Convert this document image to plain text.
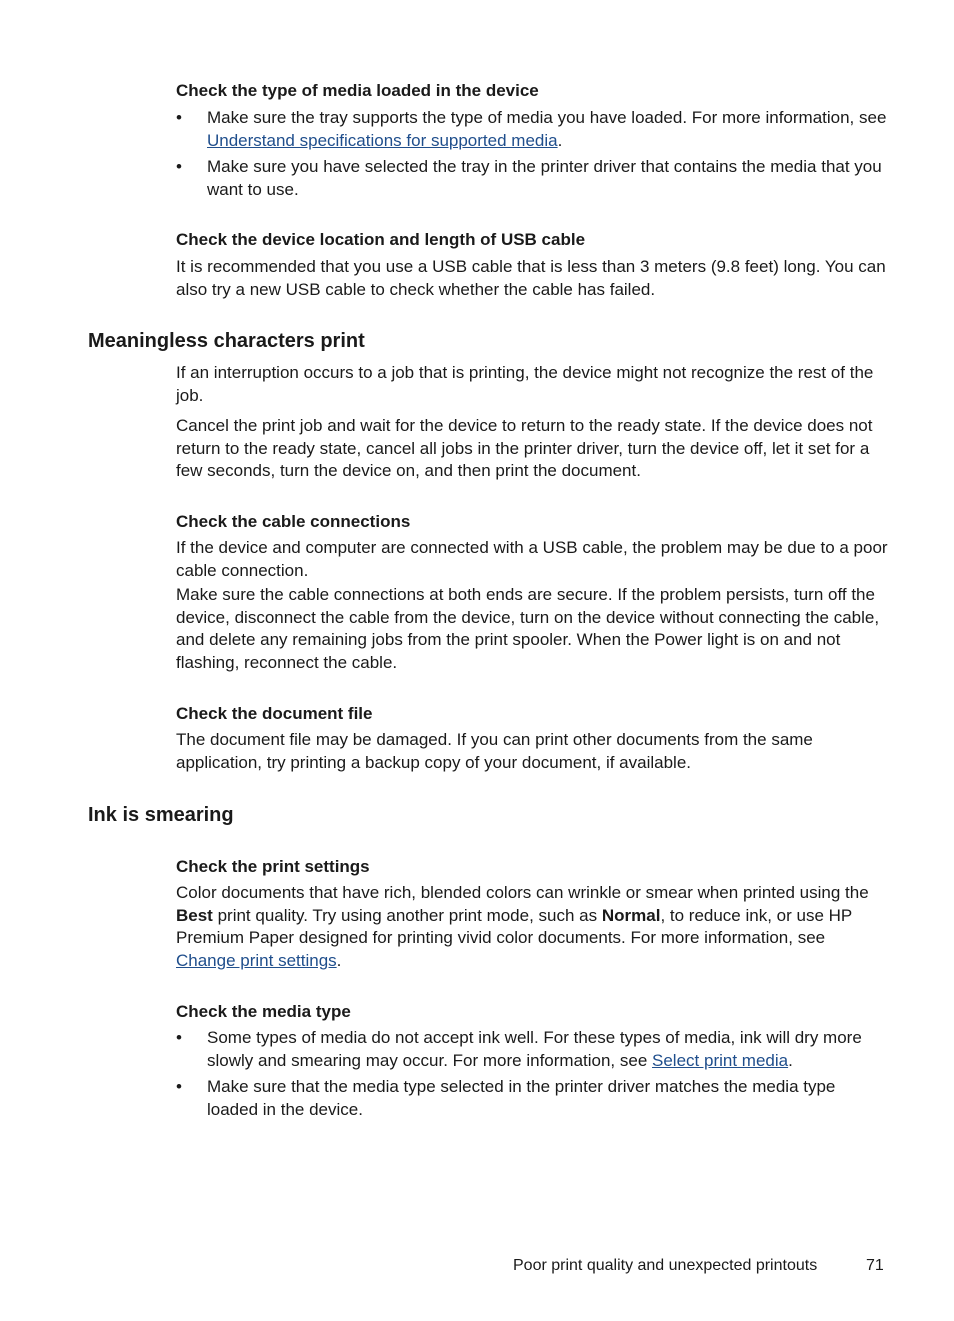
Check the type of media loaded in the device
• Make sure the tray supports the type of media you have loaded. For more information, see Understand specifications for supported media.
• Make sure you have selected the tray in the printer driver that contains the media that you want to use.
Check the device location and length of USB cable

It is recommended that you use a USB cable that is less than 3 meters (9.8 feet) long. You can also try a new USB cable to check whether the cable has failed.

Meaningless characters print

If an interruption occurs to a job that is printing, the device might not recognize the rest of the job.

Cancel the print job and wait for the device to return to the ready state. If the device does not return to the ready state, cancel all jobs in the printer driver, turn the device off, let it set for a few seconds, turn the device on, and then print the document.

Check the cable connections

If the device and computer are connected with a USB cable, the problem may be due to a poor cable connection.

Make sure the cable connections at both ends are secure. If the problem persists, turn off the device, disconnect the cable from the device, turn on the device without connecting the cable, and delete any remaining jobs from the print spooler. When the Power light is on and not flashing, reconnect the cable.

Check the document file

The document file may be damaged. If you can print other documents from the same application, try printing a backup copy of your document, if available.

Ink is smearing
Check the print settings

Color documents that have rich, blended colors can wrinkle or smear when printed using the Best print quality. Try using another print mode, such as Normal, to reduce ink, or use HP Premium Paper designed for printing vivid color documents. For more information, see Change print settings.

Check the media type
• Some types of media do not accept ink well. For these types of media, ink will dry more slowly and smearing may occur. For more information, see Select print media.
• Make sure that the media type selected in the printer driver matches the media type loaded in the device.
Poor print quality and unexpected printouts	71
